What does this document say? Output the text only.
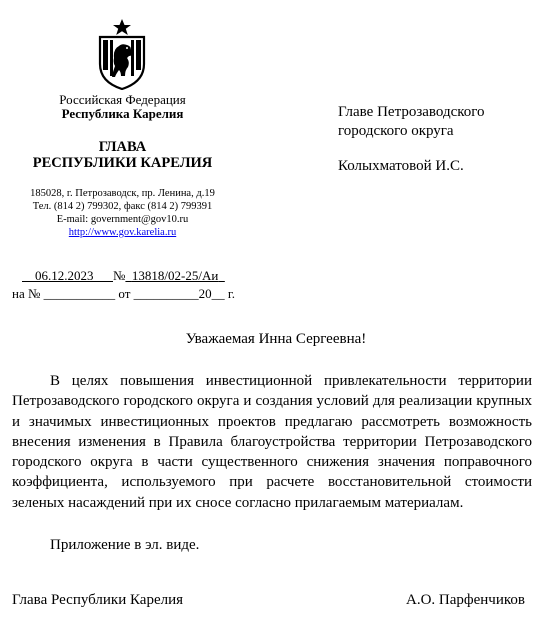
Российская Федерация
Республика Карелия
ГЛАВА
РЕСПУБЛИКИ КАРЕЛИЯ
185028, г. Петрозаводск, пр. Ленина, д.19
Тел. (814 2) 799302, факс (814 2) 799391
E-mail: government@gov10.ru
http://www.gov.karelia.ru
Главе Петрозаводского
городского округа
Колыхматовой И.С.
06.12.2023 № 13818/02-25/Аи
на № ___________ от __________20__ г.
Уважаемая Инна Сергеевна!

В целях повышения инвестиционной привлекательности территории Петрозаводского городского округа и создания условий для реализации крупных и значимых инвестиционных проектов предлагаю рассмотреть возможность внесения изменения в Правила благоустройства территории Петрозаводского городского округа в части существенного снижения значения поправочного коэффициента, используемого при расчете восстановительной стоимости зеленых насаждений при их сносе согласно прилагаемым материалам.

Приложение в эл. виде.
Глава Республики Карелия	А.О. Парфенчиков
